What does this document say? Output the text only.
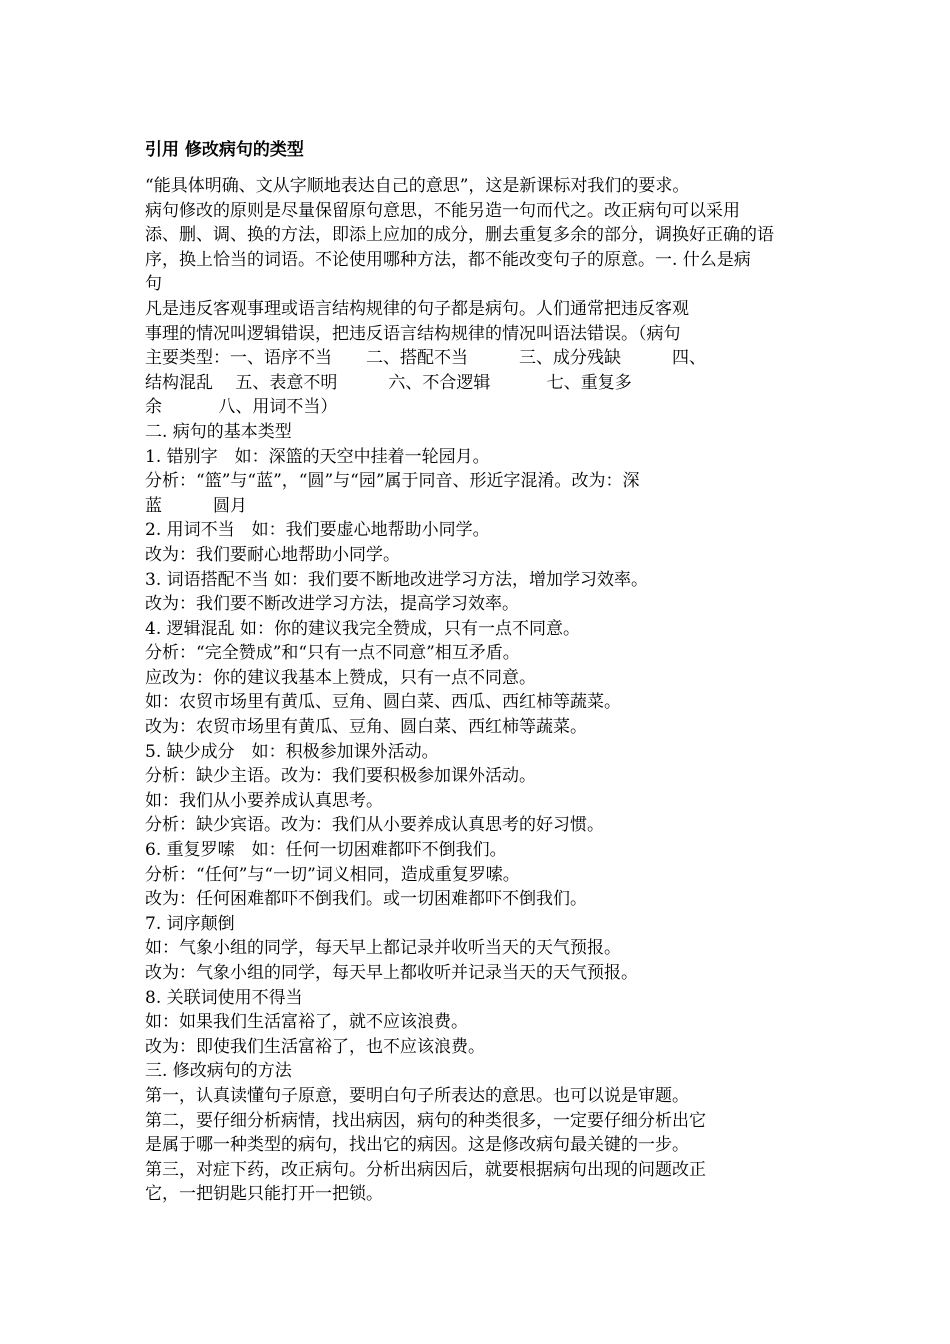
引用 修改病句的类型
“能具体明确、文从字顺地表达自己的意思”，这是新课标对我们的要求。
病句修改的原则是尽量保留原句意思，不能另造一句而代之。改正病句可以采用
添、删、调、换的方法，即添上应加的成分，删去重复多余的部分，调换好正确的语
序，换上恰当的词语。不论使用哪种方法，都不能改变句子的原意。一. 什么是病
句
凡是违反客观事理或语言结构规律的句子都是病句。人们通常把违反客观
事理的情况叫逻辑错误，把违反语言结构规律的情况叫语法错误。（病句
主要类型：一、语序不当　　二、搭配不当　　　三、成分残缺　　　四、
结构混乱　 五、表意不明　　　六、不合逻辑　　　 七、重复多
余　　　 八、用词不当）
二. 病句的基本类型
1. 错别字　如：深篮的天空中挂着一轮园月。
分析：“篮”与“蓝”，“圆”与“园”属于同音、形近字混淆。改为：深
蓝　　　圆月
2. 用词不当　如：我们要虚心地帮助小同学。
改为：我们要耐心地帮助小同学。
3. 词语搭配不当 如：我们要不断地改进学习方法，增加学习效率。
改为：我们要不断改进学习方法，提高学习效率。
4. 逻辑混乱 如：你的建议我完全赞成，只有一点不同意。
分析：“完全赞成”和“只有一点不同意”相互矛盾。
应改为：你的建议我基本上赞成，只有一点不同意。
如：农贸市场里有黄瓜、豆角、圆白菜、西瓜、西红柿等蔬菜。
改为：农贸市场里有黄瓜、豆角、圆白菜、西红柿等蔬菜。
5. 缺少成分　如：积极参加课外活动。
分析：缺少主语。改为：我们要积极参加课外活动。
如：我们从小要养成认真思考。
分析：缺少宾语。改为：我们从小要养成认真思考的好习惯。
6. 重复罗嗦　如：任何一切困难都吓不倒我们。
分析：“任何”与“一切”词义相同，造成重复罗嗦。
改为：任何困难都吓不倒我们。或一切困难都吓不倒我们。
7. 词序颠倒
如：气象小组的同学，每天早上都记录并收听当天的天气预报。
改为：气象小组的同学，每天早上都收听并记录当天的天气预报。
8. 关联词使用不得当
如：如果我们生活富裕了，就不应该浪费。
改为：即使我们生活富裕了，也不应该浪费。
三. 修改病句的方法
第一，认真读懂句子原意，要明白句子所表达的意思。也可以说是审题。
第二，要仔细分析病情，找出病因，病句的种类很多，一定要仔细分析出它
是属于哪一种类型的病句，找出它的病因。这是修改病句最关键的一步。
第三，对症下药，改正病句。分析出病因后，就要根据病句出现的问题改正
它，一把钥匙只能打开一把锁。
